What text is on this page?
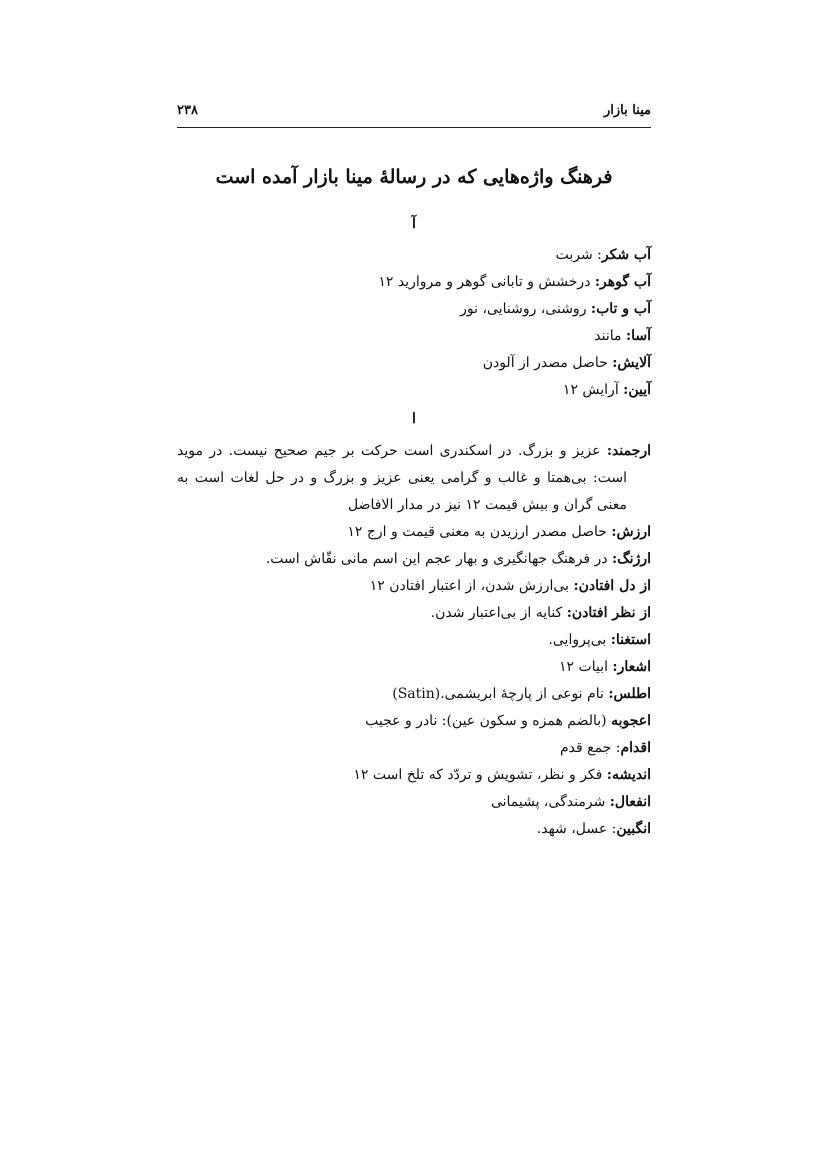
مینا بازار
۲۳۸
فرهنگ واژه‌هایی که در رسالهٔ مینا بازار آمده است
آ

آب شکر: شربت

آب گوهر: درخشش و تابانی گوهر و مروارید ۱۲

آب و تاب: روشنی، روشنایی، نور

آسا: مانند

آلایش: حاصل مصدر از آلودن

آیین: آرایش ۱۲

ا

ارجمند: عزیز و بزرگ. در اسکندری است حرکت بر جیم صحیح نیست. در موید است: بی‌همتا و غالب و گرامی یعنی عزیز و بزرگ و در حل لغات است به معنی گران و بیش قیمت ۱۲ نیز در مدار الافاضل

ارزش: حاصل مصدر ارزیدن به معنی قیمت و ارج ۱۲

ارژنگ: در فرهنگ جهانگیری و بهار عجم این اسم مانی نقّاش است.

از دل افتادن: بی‌ارزش شدن، از اعتبار افتادن ۱۲

از نظر افتادن: کنایه از بی‌اعتبار شدن.

استغنا: بی‌پروایی.

اشعار: ابیات ۱۲

اطلس: نام نوعی از پارچهٔ ابریشمی.(Satin)

اعجوبه (بالضم همزه و سکون عین): نادر و عجیب

اقدام: جمع قدم

اندیشه: فکر و نظر، تشویش و تردّد که تلخ است ۱۲

انفعال: شرمندگی، پشیمانی

انگبین: عسل، شهد.
